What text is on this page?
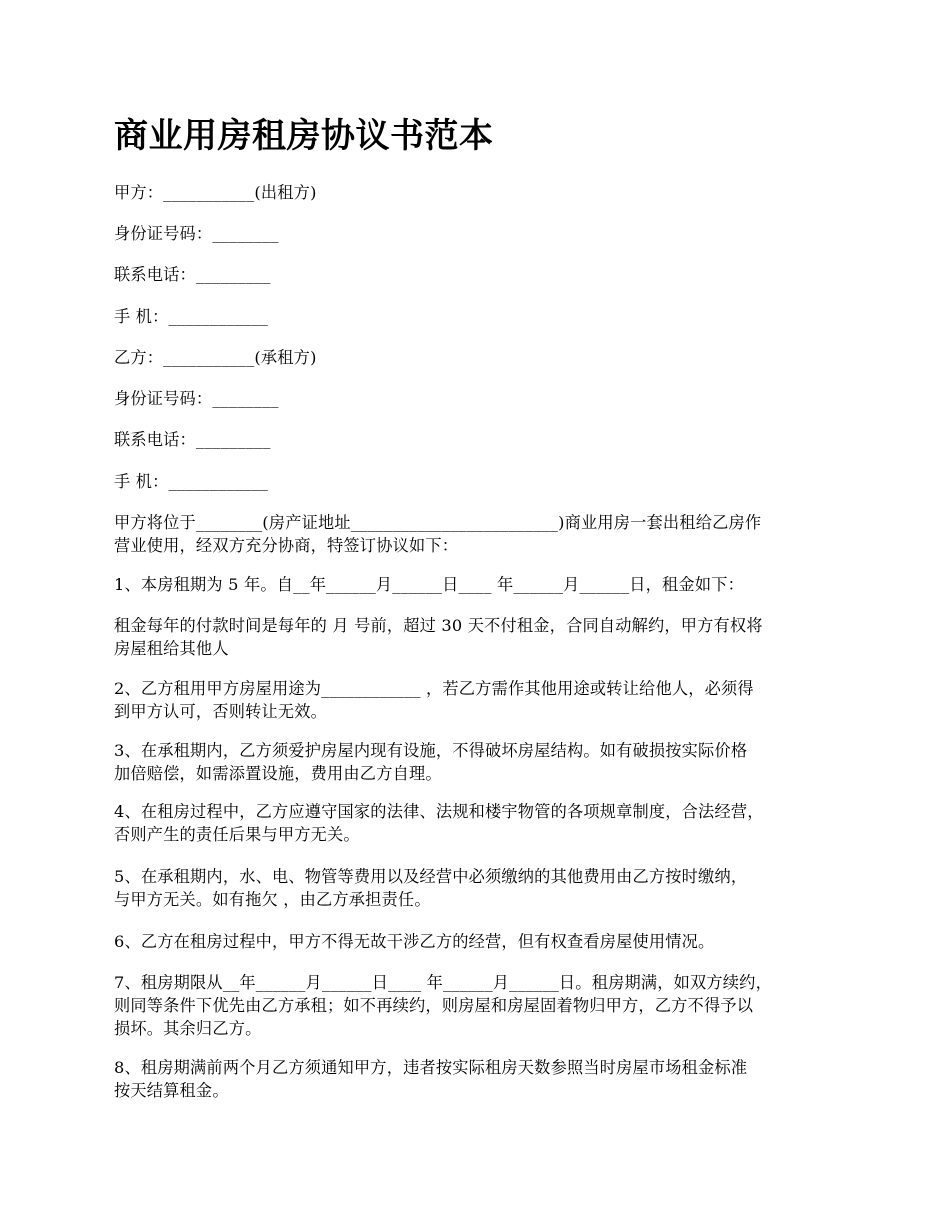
商业用房租房协议书范本

甲方：___________(出租方)

身份证号码：________

联系电话：_________

手 机：____________

乙方：___________(承租方)

身份证号码：________

联系电话：_________

手 机：____________

甲方将位于________(房产证地址_________________________)商业用房一套出租给乙房作
营业使用，经双方充分协商，特签订协议如下：

1、本房租期为 5 年。自__年______月______日____ 年______月______日，租金如下：

租金每年的付款时间是每年的 月 号前，超过 30 天不付租金，合同自动解约，甲方有权将
房屋租给其他人

2、乙方租用甲方房屋用途为____________ ，若乙方需作其他用途或转让给他人，必须得
到甲方认可，否则转让无效。

3、在承租期内，乙方须爱护房屋内现有设施，不得破坏房屋结构。如有破损按实际价格
加倍赔偿，如需添置设施，费用由乙方自理。

4、在租房过程中，乙方应遵守国家的法律、法规和楼宇物管的各项规章制度，合法经营，
否则产生的责任后果与甲方无关。

5、在承租期内，水、电、物管等费用以及经营中必须缴纳的其他费用由乙方按时缴纳，
与甲方无关。如有拖欠 ，由乙方承担责任。

6、乙方在租房过程中，甲方不得无故干涉乙方的经营，但有权查看房屋使用情况。

7、租房期限从__年______月______日____ 年______月______日。租房期满，如双方续约，
则同等条件下优先由乙方承租；如不再续约，则房屋和房屋固着物归甲方，乙方不得予以
损坏。其余归乙方。

8、租房期满前两个月乙方须通知甲方，违者按实际租房天数参照当时房屋市场租金标准
按天结算租金。
